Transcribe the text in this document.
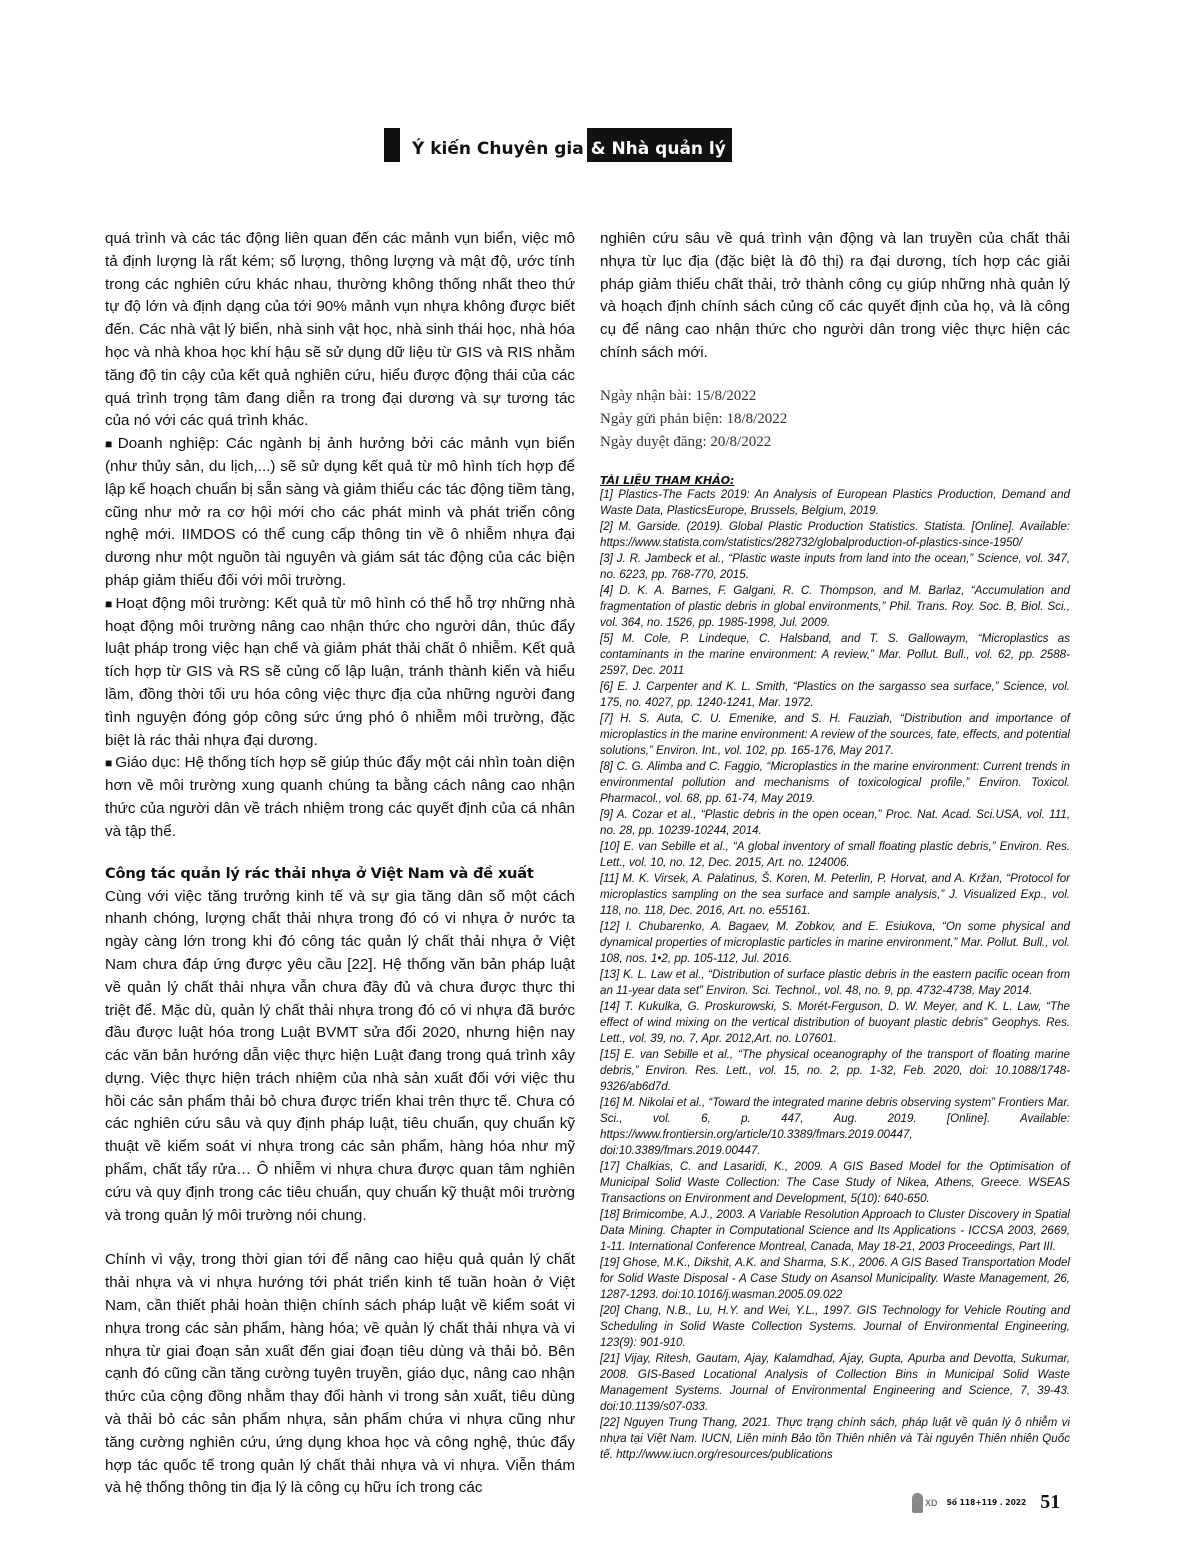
Ý kiến Chuyên gia & Nhà quản lý

quá trình và các tác động liên quan đến các mảnh vụn biển, việc mô tả định lượng là rất kém; số lượng, thông lượng và mật độ, ước tính trong các nghiên cứu khác nhau, thường không thống nhất theo thứ tự độ lớn và định dạng của tới 90% mảnh vụn nhựa không được biết đến. Các nhà vật lý biển, nhà sinh vật học, nhà sinh thái học, nhà hóa học và nhà khoa học khí hậu sẽ sử dụng dữ liệu từ GIS và RIS nhằm tăng độ tin cậy của kết quả nghiên cứu, hiểu được động thái của các quá trình trọng tâm đang diễn ra trong đại dương và sự tương tác của nó với các quá trình khác.

■ Doanh nghiệp: Các ngành bị ảnh hưởng bởi các mảnh vụn biển (như thủy sản, du lịch,...) sẽ sử dụng kết quả từ mô hình tích hợp để lập kế hoạch chuẩn bị sẵn sàng và giảm thiểu các tác động tiềm tàng, cũng như mở ra cơ hội mới cho các phát minh và phát triển công nghệ mới. IIMDOS có thể cung cấp thông tin về ô nhiễm nhựa đại dương như một nguồn tài nguyên và giám sát tác động của các biện pháp giảm thiểu đối với môi trường.

■ Hoạt động môi trường: Kết quả từ mô hình có thể hỗ trợ những nhà hoạt động môi trường nâng cao nhận thức cho người dân, thúc đẩy luật pháp trong việc hạn chế và giảm phát thải chất ô nhiễm. Kết quả tích hợp từ GIS và RS sẽ củng cố lập luận, tránh thành kiến và hiểu lầm, đồng thời tối ưu hóa công việc thực địa của những người đang tình nguyện đóng góp công sức ứng phó ô nhiễm môi trường, đặc biệt là rác thải nhựa đại dương.

■ Giáo dục: Hệ thống tích hợp sẽ giúp thúc đẩy một cái nhìn toàn diện hơn về môi trường xung quanh chúng ta bằng cách nâng cao nhận thức của người dân về trách nhiệm trong các quyết định của cá nhân và tập thể.

Công tác quản lý rác thải nhựa ở Việt Nam và đề xuất

Cùng với việc tăng trưởng kinh tế và sự gia tăng dân số một cách nhanh chóng, lượng chất thải nhựa trong đó có vi nhựa ở nước ta ngày càng lớn trong khi đó công tác quản lý chất thải nhựa ở Việt Nam chưa đáp ứng được yêu cầu [22]. Hệ thống văn bản pháp luật về quản lý chất thải nhựa vẫn chưa đầy đủ và chưa được thực thi triệt để. Mặc dù, quản lý chất thải nhựa trong đó có vi nhựa đã bước đầu được luật hóa trong Luật BVMT sửa đổi 2020, nhưng hiện nay các văn bản hướng dẫn việc thực hiện Luật đang trong quá trình xây dựng. Việc thực hiện trách nhiệm của nhà sản xuất đối với việc thu hồi các sản phẩm thải bỏ chưa được triển khai trên thực tế. Chưa có các nghiên cứu sâu và quy định pháp luật, tiêu chuẩn, quy chuẩn kỹ thuật về kiểm soát vi nhựa trong các sản phẩm, hàng hóa như mỹ phẩm, chất tẩy rửa… Ô nhiễm vi nhựa chưa được quan tâm nghiên cứu và quy định trong các tiêu chuẩn, quy chuẩn kỹ thuật môi trường và trong quản lý môi trường nói chung.

Chính vì vậy, trong thời gian tới để nâng cao hiệu quả quản lý chất thải nhựa và vi nhựa hướng tới phát triển kinh tế tuần hoàn ở Việt Nam, cần thiết phải hoàn thiện chính sách pháp luật về kiểm soát vi nhựa trong các sản phẩm, hàng hóa; về quản lý chất thải nhựa và vi nhựa từ giai đoạn sản xuất đến giai đoạn tiêu dùng và thải bỏ. Bên cạnh đó cũng cần tăng cường tuyên truyền, giáo dục, nâng cao nhận thức của cộng đồng nhằm thay đổi hành vi trong sản xuất, tiêu dùng và thải bỏ các sản phẩm nhựa, sản phẩm chứa vi nhựa cũng như tăng cường nghiên cứu, ứng dụng khoa học và công nghệ, thúc đẩy hợp tác quốc tế trong quản lý chất thải nhựa và vi nhựa. Viễn thám và hệ thống thông tin địa lý là công cụ hữu ích trong các

nghiên cứu sâu về quá trình vận động và lan truyền của chất thải nhựa từ lục địa (đặc biệt là đô thị) ra đại dương, tích hợp các giải pháp giảm thiểu chất thải, trở thành công cụ giúp những nhà quản lý và hoạch định chính sách củng cố các quyết định của họ, và là công cụ để nâng cao nhận thức cho người dân trong việc thực hiện các chính sách mới.

Ngày nhận bài: 15/8/2022
Ngày gửi phản biện: 18/8/2022
Ngày duyệt đăng: 20/8/2022
TÀI LIỆU THAM KHẢO:

[1] Plastics-The Facts 2019: An Analysis of European Plastics Production, Demand and Waste Data, PlasticsEurope, Brussels, Belgium, 2019.

[2] M. Garside. (2019). Global Plastic Production Statistics. Statista. [Online]. Available: https://www.statista.com/statistics/282732/globalproduction-of-plastics-since-1950/

[3] J. R. Jambeck et al., “Plastic waste inputs from land into the ocean,” Science, vol. 347, no. 6223, pp. 768-770, 2015.

[4] D. K. A. Barnes, F. Galgani, R. C. Thompson, and M. Barlaz, “Accumulation and fragmentation of plastic debris in global environments,” Phil. Trans. Roy. Soc. B, Biol. Sci., vol. 364, no. 1526, pp. 1985-1998, Jul. 2009.

[5] M. Cole, P. Lindeque, C. Halsband, and T. S. Gallowaym, “Microplastics as contaminants in the marine environment: A review,” Mar. Pollut. Bull., vol. 62, pp. 2588-2597, Dec. 2011

[6] E. J. Carpenter and K. L. Smith, “Plastics on the sargasso sea surface,” Science, vol. 175, no. 4027, pp. 1240-1241, Mar. 1972.

[7] H. S. Auta, C. U. Emenike, and S. H. Fauziah, “Distribution and importance of microplastics in the marine environment: A review of the sources, fate, effects, and potential solutions,” Environ. Int., vol. 102, pp. 165-176, May 2017.

[8] C. G. Alimba and C. Faggio, “Microplastics in the marine environment: Current trends in environmental pollution and mechanisms of toxicological profile,” Environ. Toxicol. Pharmacol., vol. 68, pp. 61-74, May 2019.

[9] A. Cozar et al., “Plastic debris in the open ocean,” Proc. Nat. Acad. Sci.USA, vol. 111, no. 28, pp. 10239-10244, 2014.

[10] E. van Sebille et al., “A global inventory of small floating plastic debris,” Environ. Res. Lett., vol. 10, no. 12, Dec. 2015, Art. no. 124006.

[11] M. K. Virsek, A. Palatinus, Š. Koren, M. Peterlin, P. Horvat, and A. Kržan, “Protocol for microplastics sampling on the sea surface and sample analysis,” J. Visualized Exp., vol. 118, no. 118, Dec. 2016, Art. no. e55161.

[12] I. Chubarenko, A. Bagaev, M. Zobkov, and E. Esiukova, “On some physical and dynamical properties of microplastic particles in marine environment,” Mar. Pollut. Bull., vol. 108, nos. 1•2, pp. 105-112, Jul. 2016.

[13] K. L. Law et al., “Distribution of surface plastic debris in the eastern pacific ocean from an 11-year data set” Environ. Sci. Technol., vol. 48, no. 9, pp. 4732-4738, May 2014.

[14] T. Kukulka, G. Proskurowski, S. Morét-Ferguson, D. W. Meyer, and K. L. Law, “The effect of wind mixing on the vertical distribution of buoyant plastic debris” Geophys. Res. Lett., vol. 39, no. 7, Apr. 2012,Art. no. L07601.

[15] E. van Sebille et al., “The physical oceanography of the transport of floating marine debris,” Environ. Res. Lett., vol. 15, no. 2, pp. 1-32, Feb. 2020, doi: 10.1088/1748-9326/ab6d7d.

[16] M. Nikolai et al., “Toward the integrated marine debris observing system” Frontiers Mar. Sci., vol. 6, p. 447, Aug. 2019. [Online]. Available: https://www.frontiersin.org/article/10.3389/fmars.2019.00447, doi:10.3389/fmars.2019.00447.

[17] Chalkias, C. and Lasaridi, K., 2009. A GIS Based Model for the Optimisation of Municipal Solid Waste Collection: The Case Study of Nikea, Athens, Greece. WSEAS Transactions on Environment and Development, 5(10): 640-650.

[18] Brimicombe, A.J., 2003. A Variable Resolution Approach to Cluster Discovery in Spatial Data Mining. Chapter in Computational Science and Its Applications - ICCSA 2003, 2669, 1-11. International Conference Montreal, Canada, May 18-21, 2003 Proceedings, Part III.

[19] Ghose, M.K., Dikshit, A.K. and Sharma, S.K., 2006. A GIS Based Transportation Model for Solid Waste Disposal - A Case Study on Asansol Municipality. Waste Management, 26, 1287-1293. doi:10.1016/j.wasman.2005.09.022

[20] Chang, N.B., Lu, H.Y. and Wei, Y.L., 1997. GIS Technology for Vehicle Routing and Scheduling in Solid Waste Collection Systems. Journal of Environmental Engineering, 123(9): 901-910.

[21] Vijay, Ritesh, Gautam, Ajay, Kalamdhad, Ajay, Gupta, Apurba and Devotta, Sukumar, 2008. GIS-Based Locational Analysis of Collection Bins in Municipal Solid Waste Management Systems. Journal of Environmental Engineering and Science, 7, 39-43. doi:10.1139/s07-033.

[22] Nguyen Trung Thang, 2021. Thực trạng chính sách, pháp luật về quản lý ô nhiễm vi nhựa tại Việt Nam. IUCN, Liên minh Bảo tồn Thiên nhiên và Tài nguyên Thiên nhiên Quốc tế. http://www.iucn.org/resources/publications

XD Số 118+119 . 2022 51
